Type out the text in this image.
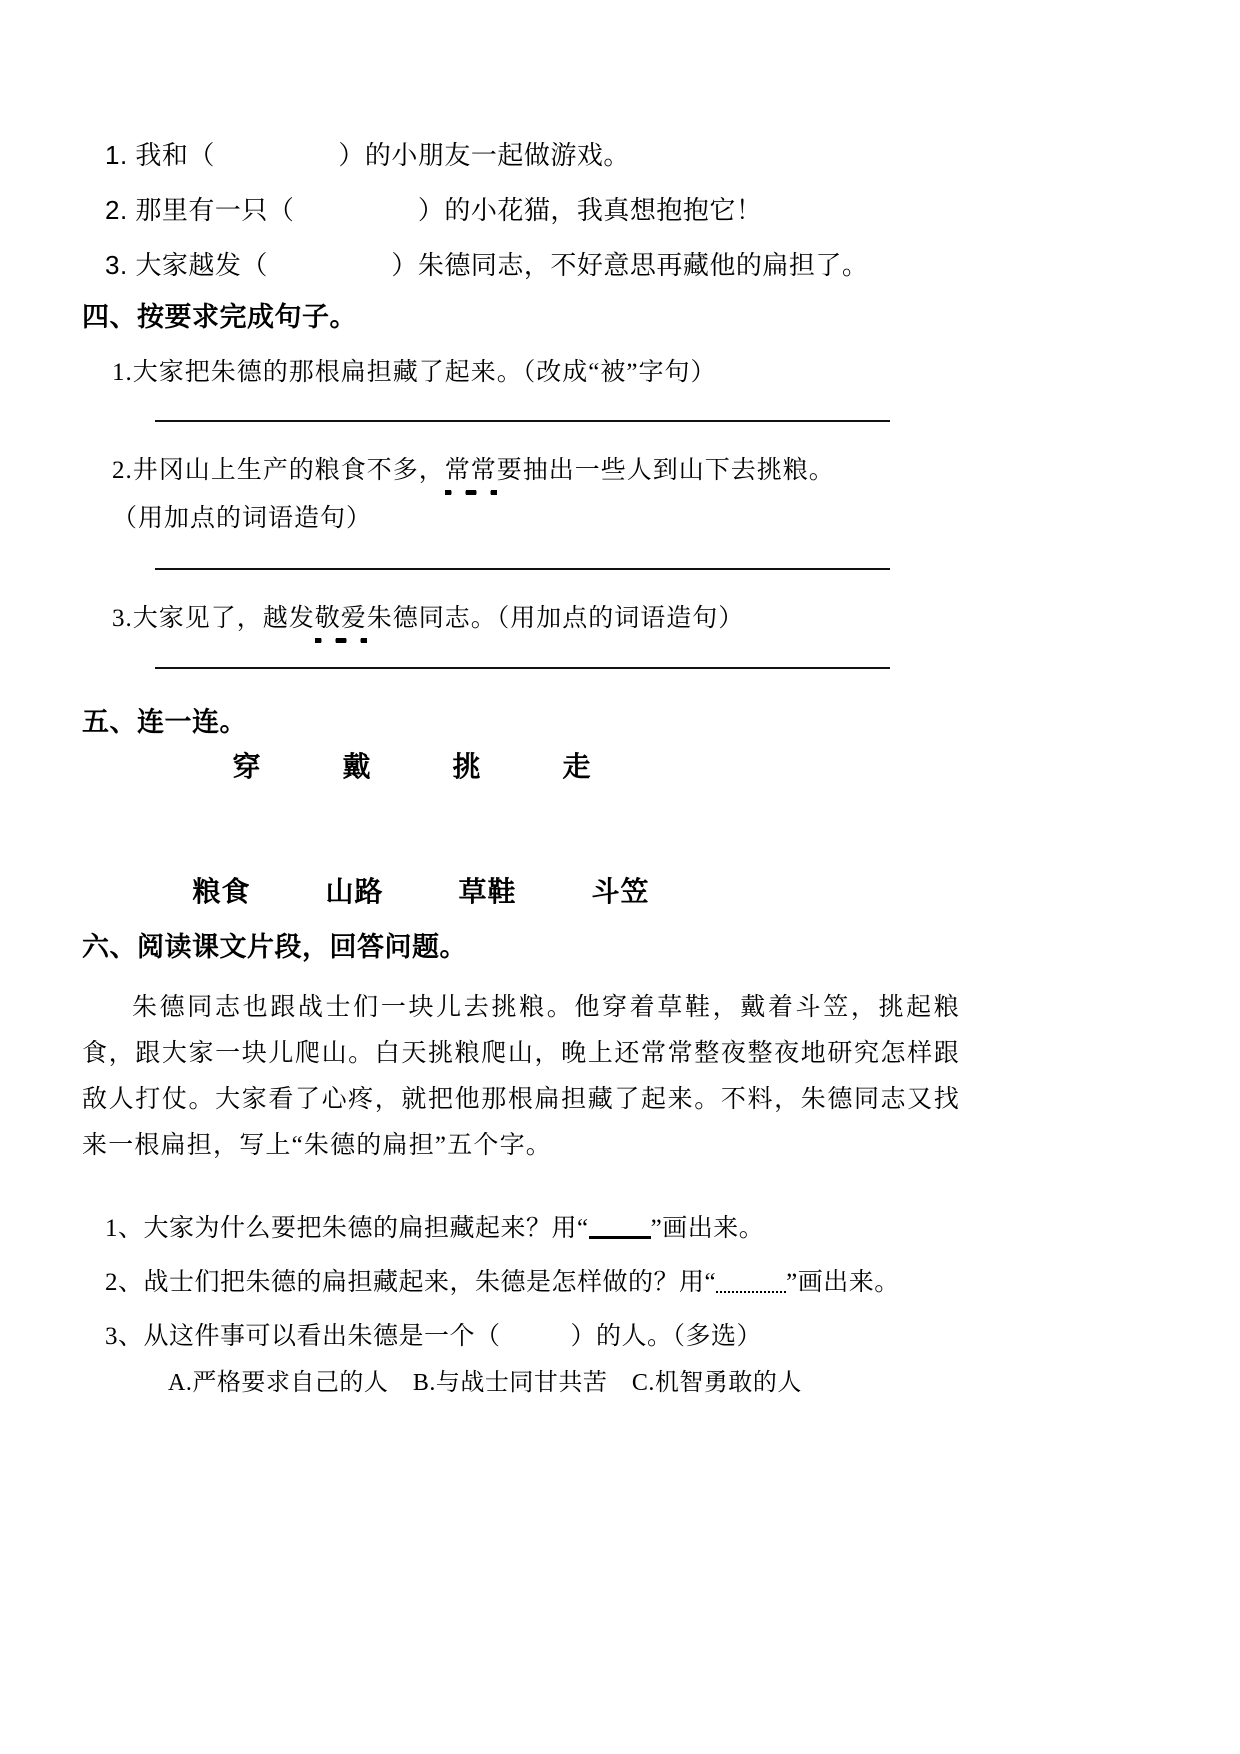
1. 我和（	）的小朋友一起做游戏。
2. 那里有一只（	）的小花猫，我真想抱抱它！
3. 大家越发（	）朱德同志，不好意思再藏他的扁担了。
四、按要求完成句子。
1.大家把朱德的那根扁担藏了起来。（改成“被”字句）
2.井冈山上生产的粮食不多，常常要抽出一些人到山下去挑粮。
（用加点的词语造句）
3.大家见了，越发敬爱朱德同志。（用加点的词语造句）
五、连一连。
穿	戴	挑	走
粮食	山路	草鞋	斗笠
六、阅读课文片段，回答问题。

朱德同志也跟战士们一块儿去挑粮。他穿着草鞋，戴着斗笠，挑起粮食，跟大家一块儿爬山。白天挑粮爬山，晚上还常常整夜整夜地研究怎样跟敌人打仗。大家看了心疼，就把他那根扁担藏了起来。不料，朱德同志又找来一根扁担，写上“朱德的扁担”五个字。

1、大家为什么要把朱德的扁担藏起来？用“ ”画出来。
2、战士们把朱德的扁担藏起来，朱德是怎样做的？用“	”画出来。
3、从这件事可以看出朱德是一个（	）的人。（多选）
A.严格要求自己的人　B.与战士同甘共苦　C.机智勇敢的人
